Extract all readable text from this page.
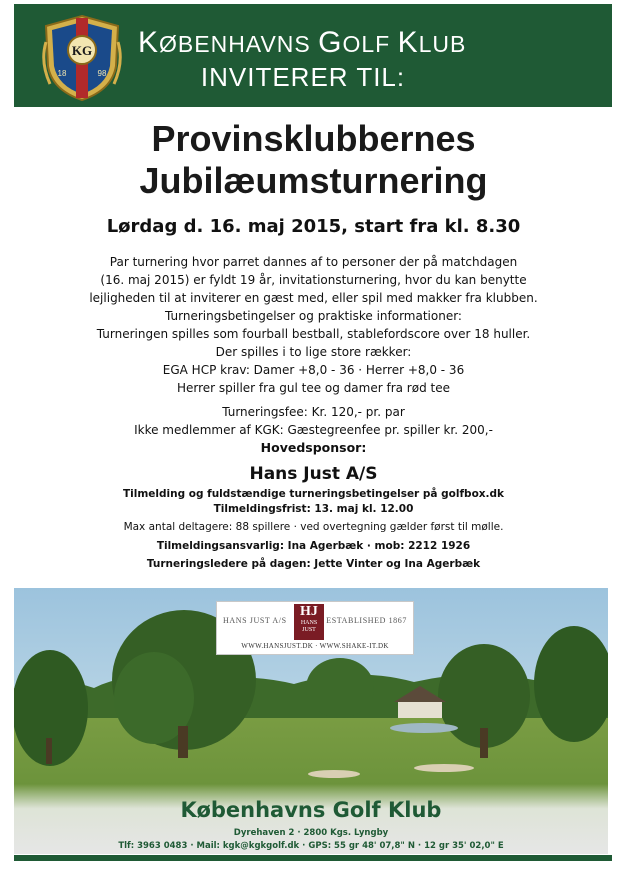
KG
18	98
KØBENHAVNS GOLF KLUB
INVITERER TIL:
Provinsklubbernes
Jubilæumsturnering
Lørdag d. 16. maj 2015, start fra kl. 8.30
Par turnering hvor parret dannes af to personer der på matchdagen
(16. maj 2015) er fyldt 19 år, invitationsturnering, hvor du kan benytte
lejligheden til at inviterer en gæst med, eller spil med makker fra klubben.
Turneringsbetingelser og praktiske informationer:
Turneringen spilles som fourball bestball, stablefordscore over 18 huller.
Der spilles i to lige store rækker:
EGA HCP krav: Damer +8,0 - 36 · Herrer +8,0 - 36
Herrer spiller fra gul tee og damer fra rød tee
Turneringsfee: Kr. 120,- pr. par
Ikke medlemmer af KGK: Gæstegreenfee pr. spiller kr. 200,-
Hovedsponsor:
Hans Just A/S
Tilmelding og fuldstændige turneringsbetingelser på golfbox.dk
Tilmeldingsfrist: 13. maj kl. 12.00
Max antal deltagere: 88 spillere · ved overtegning gælder først til mølle.
Tilmeldingsansvarlig: Ina Agerbæk · mob: 2212 1926
Turneringsledere på dagen: Jette Vinter og Ina Agerbæk
HANS JUST A/S
HJ
HANS
JUST
ESTABLISHED 1867
WWW.HANSJUST.DK · WWW.SHAKE-IT.DK
Københavns Golf Klub
Dyrehaven 2 · 2800 Kgs. Lyngby
Tlf: 3963 0483 · Mail: kgk@kgkgolf.dk · GPS: 55 gr 48' 07,8" N · 12 gr 35' 02,0" E
